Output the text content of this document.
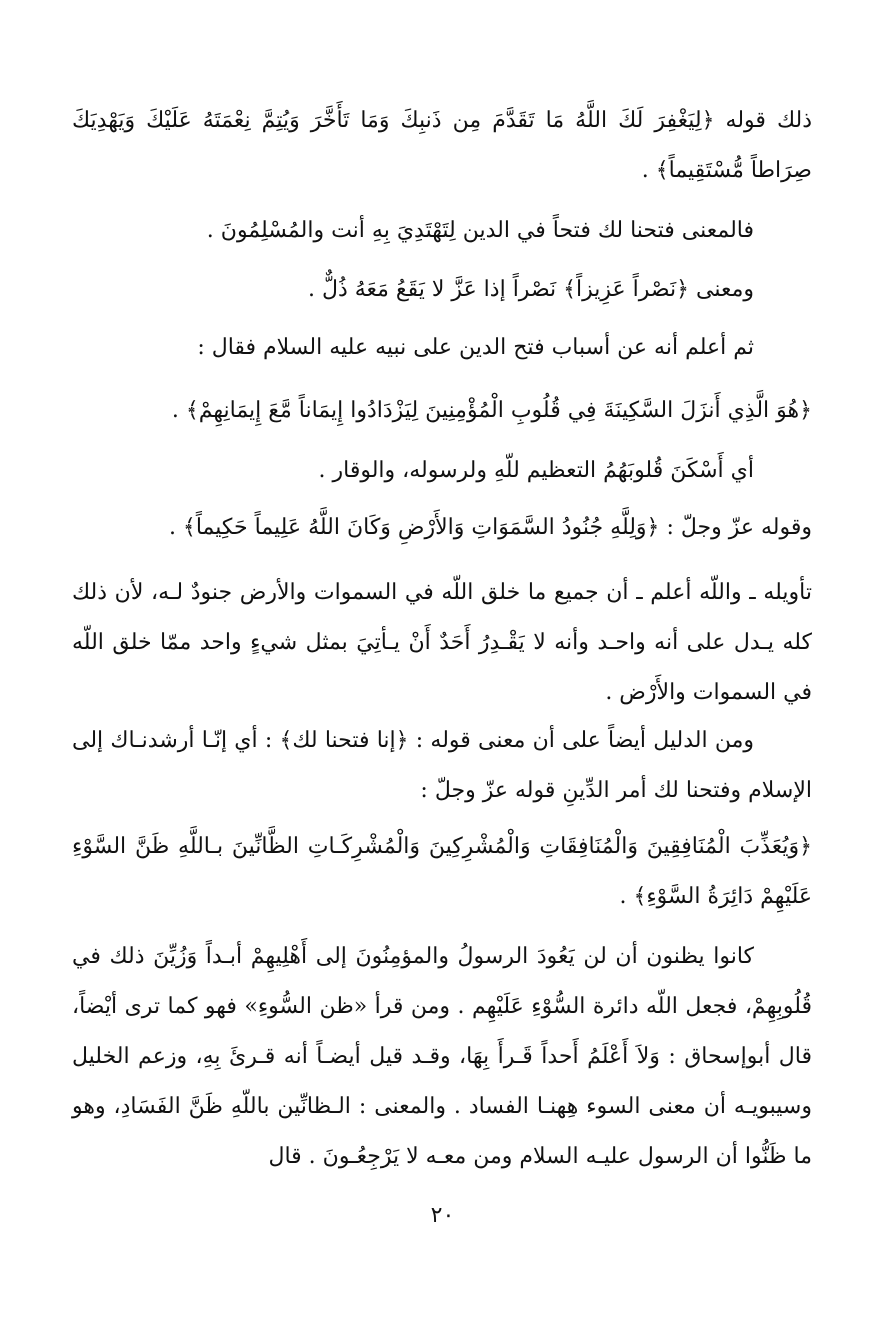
ذلك قوله ﴿لِيَغْفِرَ لَكَ اللَّهُ مَا تَقَدَّمَ مِن ذَنبِكَ وَمَا تَأَخَّرَ وَيُتِمَّ نِعْمَتَهُ عَلَيْكَ وَيَهْدِيَكَ صِرَاطاً مُّسْتَقِيماً﴾ .

فالمعنى فتحنا لك فتحاً في الدين لِتَهْتَدِيَ بِهِ أنت والمُسْلِمُونَ .

ومعنى ﴿نَصْراً عَزِيزاً﴾ نَصْراً إذا عَزَّ لا يَقَعُ مَعَهُ ذُلٌّ .

ثم أعلم أنه عن أسباب فتح الدين على نبيه عليه السلام فقال :

﴿هُوَ الَّذِي أَنزَلَ السَّكِينَةَ فِي قُلُوبِ الْمُؤْمِنِينَ لِيَزْدَادُوا إِيمَاناً مَّعَ إِيمَانِهِمْ﴾ .

أي أَسْكَنَ قُلوبَهُمُ التعظيم للّهِ ولرسوله، والوقار .

وقوله عزّ وجلّ : ﴿وَلِلَّهِ جُنُودُ السَّمَوَاتِ وَالأَرْضِ وَكَانَ اللَّهُ عَلِيماً حَكِيماً﴾ .

تأويله ـ واللّه أعلم ـ أن جميع ما خلق اللّه في السموات والأرض جنودٌ لـه، لأن ذلك كله يـدل على أنه واحـد وأنه لا يَقْـدِرُ أَحَدٌ أَنْ يـأتِيَ بمثل شيءٍ واحد ممّا خلق اللّه في السموات والأَرْض .

ومن الدليل أيضاً على أن معنى قوله : ﴿إنا فتحنا لك﴾ : أي إنّـا أرشدنـاك إلى الإسلام وفتحنا لك أمر الدِّينِ قوله عزّ وجلّ :

﴿وَيُعَذِّبَ الْمُنَافِقِينَ وَالْمُنَافِقَاتِ وَالْمُشْرِكِينَ وَالْمُشْرِكَـاتِ الظَّانِّينَ بـاللَّهِ ظَنَّ السَّوْءِ عَلَيْهِمْ دَائِرَةُ السَّوْءِ﴾ .

كانوا يظنون أن لن يَعُودَ الرسولُ والمؤمِنُونَ إلى أَهْلِيهِمْ أبـداً وَزُيِّنَ ذلك في قُلُوبِهِمْ، فجعل اللّه دائرة السُّوْءِ عَلَيْهِم . ومن قرأ «ظن السُّوءِ» فهو كما ترى أيْضاً، قال أبوإسحاق : وَلاَ أَعْلَمُ أَحداً قَـرأَ بِهَا، وقـد قيل أيضـاً أنه قـرئَ بِهِ، وزعم الخليل وسيبويـه أن معنى السوء هِهنـا الفساد . والمعنى : الـظانِّين باللّهِ ظَنَّ الفَسَادِ، وهو ما ظَنُّوا أن الرسول عليـه السلام ومن معـه لا يَرْجِعُـونَ . قال

٢٠
